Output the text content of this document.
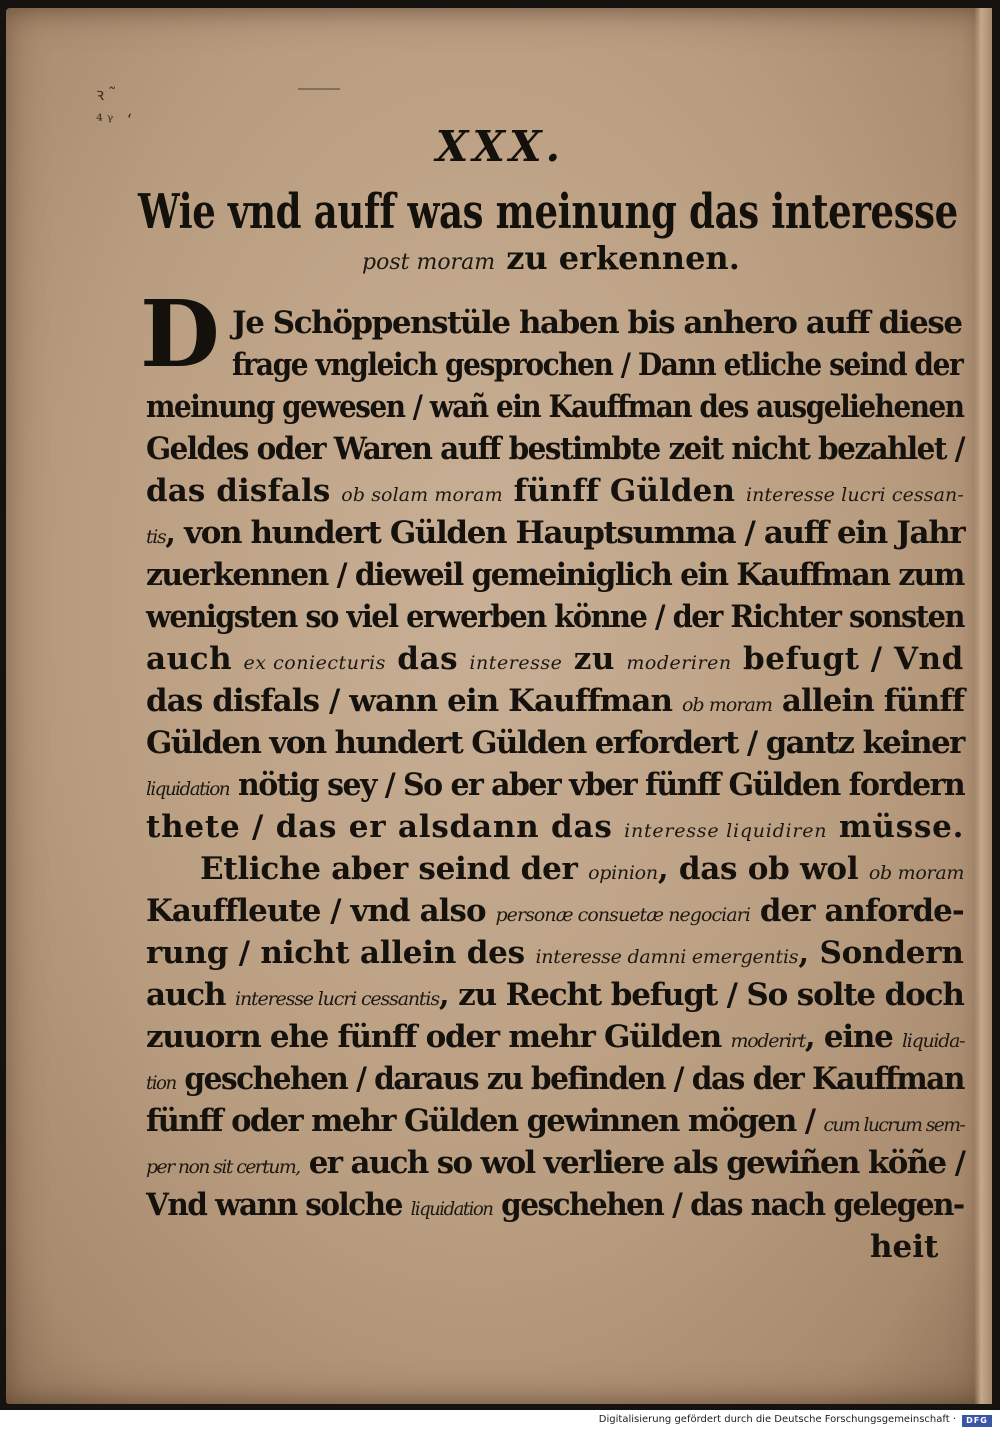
ꝛ˜
⁴ᵞ ʻ
XXX.
Wie vnd auff was meinung das interesse
post moram zu erkennen.
D Je Schöppenstüle haben bis anhero auff diese
frage vngleich gesprochen / Dann etliche seind der
meinung gewesen / wañ ein Kauffman des ausgeliehenen
Geldes oder Waren auff bestimbte zeit nicht bezahlet /
das disfals ob solam moram fünff Gülden interesse lucri cessan-
tis, von hundert Gülden Hauptsumma / auff ein Jahr
zuerkennen / dieweil gemeiniglich ein Kauffman zum
wenigsten so viel erwerben könne / der Richter sonsten
auch ex coniecturis das interesse zu moderiren befugt / Vnd
das disfals / wann ein Kauffman ob moram allein fünff
Gülden von hundert Gülden erfordert / gantz keiner
liquidation nötig sey / So er aber vber fünff Gülden fordern
thete / das er alsdann das interesse liquidiren müsse.
Etliche aber seind der opinion, das ob wol ob moram
Kauffleute / vnd also personæ consuetæ negociari der anforde-
rung / nicht allein des interesse damni emergentis, Sondern
auch interesse lucri cessantis, zu Recht befugt / So solte doch
zuuorn ehe fünff oder mehr Gülden moderirt, eine liquida-
tion geschehen / daraus zu befinden / das der Kauffman
fünff oder mehr Gülden gewinnen mögen / cum lucrum sem-
per non sit certum, er auch so wol verliere als gewiñen köñe /
Vnd wann solche liquidation geschehen / das nach gelegen-
heit
Digitalisierung gefördert durch die Deutsche Forschungsgemeinschaft ·	DFG
